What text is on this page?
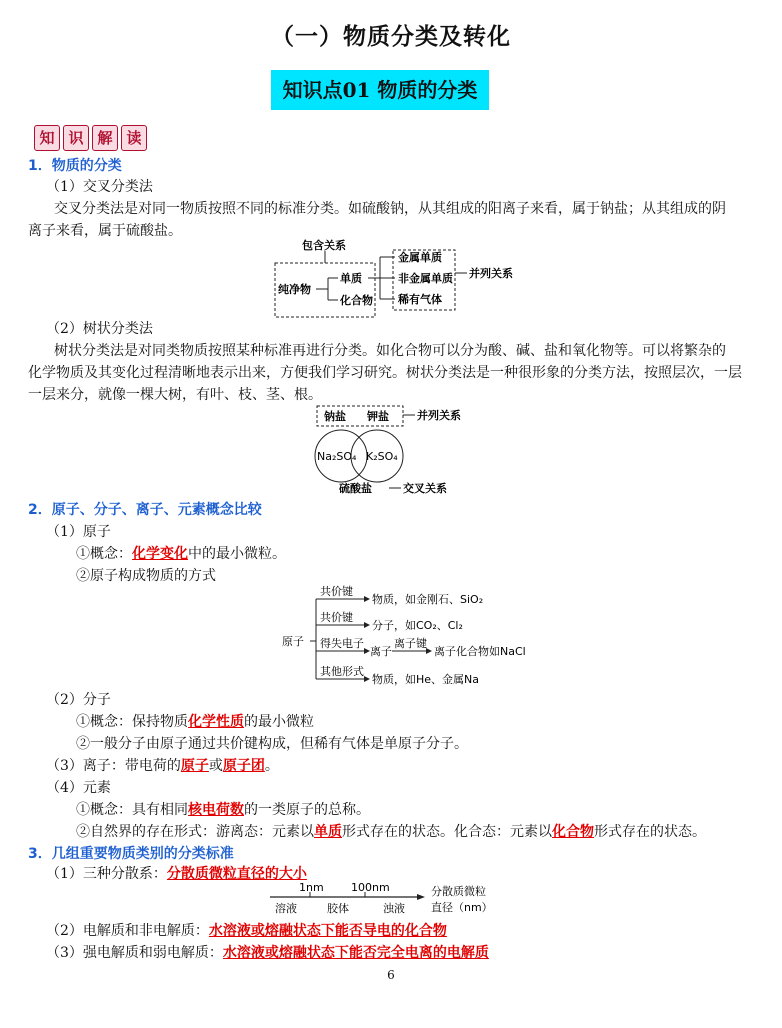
（一）物质分类及转化
知识点01 物质的分类
知 识 解 读
1．物质的分类
（1）交叉分类法
交叉分类法是对同一物质按照不同的标准分类。如硫酸钠，从其组成的阳离子来看，属于钠盐；从其组成的阴
离子来看，属于硫酸盐。
包含关系
纯净物
单质
化合物
金属单质
非金属单质
稀有气体
并列关系
（2）树状分类法
树状分类法是对同类物质按照某种标准再进行分类。如化合物可以分为酸、碱、盐和氧化物等。可以将繁杂的
化学物质及其变化过程清晰地表示出来，方便我们学习研究。树状分类法是一种很形象的分类方法，按照层次，一层
一层来分，就像一棵大树，有叶、枝、茎、根。
钠盐 钾盐	并列关系
Na₂SO₄ K₂SO₄
硫酸盐	交叉关系
2．原子、分子、离子、元素概念比较
（1）原子
①概念：化学变化中的最小微粒。
②原子构成物质的方式
原子
共价键
物质，如金刚石、SiO₂
共价键
分子，如CO₂、Cl₂
得失电子
离子
离子键
离子化合物如NaCl
其他形式
物质，如He、金属Na
（2）分子
①概念：保持物质化学性质的最小微粒
②一般分子由原子通过共价键构成，但稀有气体是单原子分子。
（3）离子：带电荷的原子或原子团。
（4）元素
①概念：具有相同核电荷数的一类原子的总称。
②自然界的存在形式：游离态：元素以单质形式存在的状态。化合态：元素以化合物形式存在的状态。
3．几组重要物质类别的分类标准
（1）三种分散系：分散质微粒直径的大小
1nm 100nm
溶液	胶体	浊液
分散质微粒
直径（nm）
（2）电解质和非电解质：水溶液或熔融状态下能否导电的化合物
（3）强电解质和弱电解质：水溶液或熔融状态下能否完全电离的电解质
6
